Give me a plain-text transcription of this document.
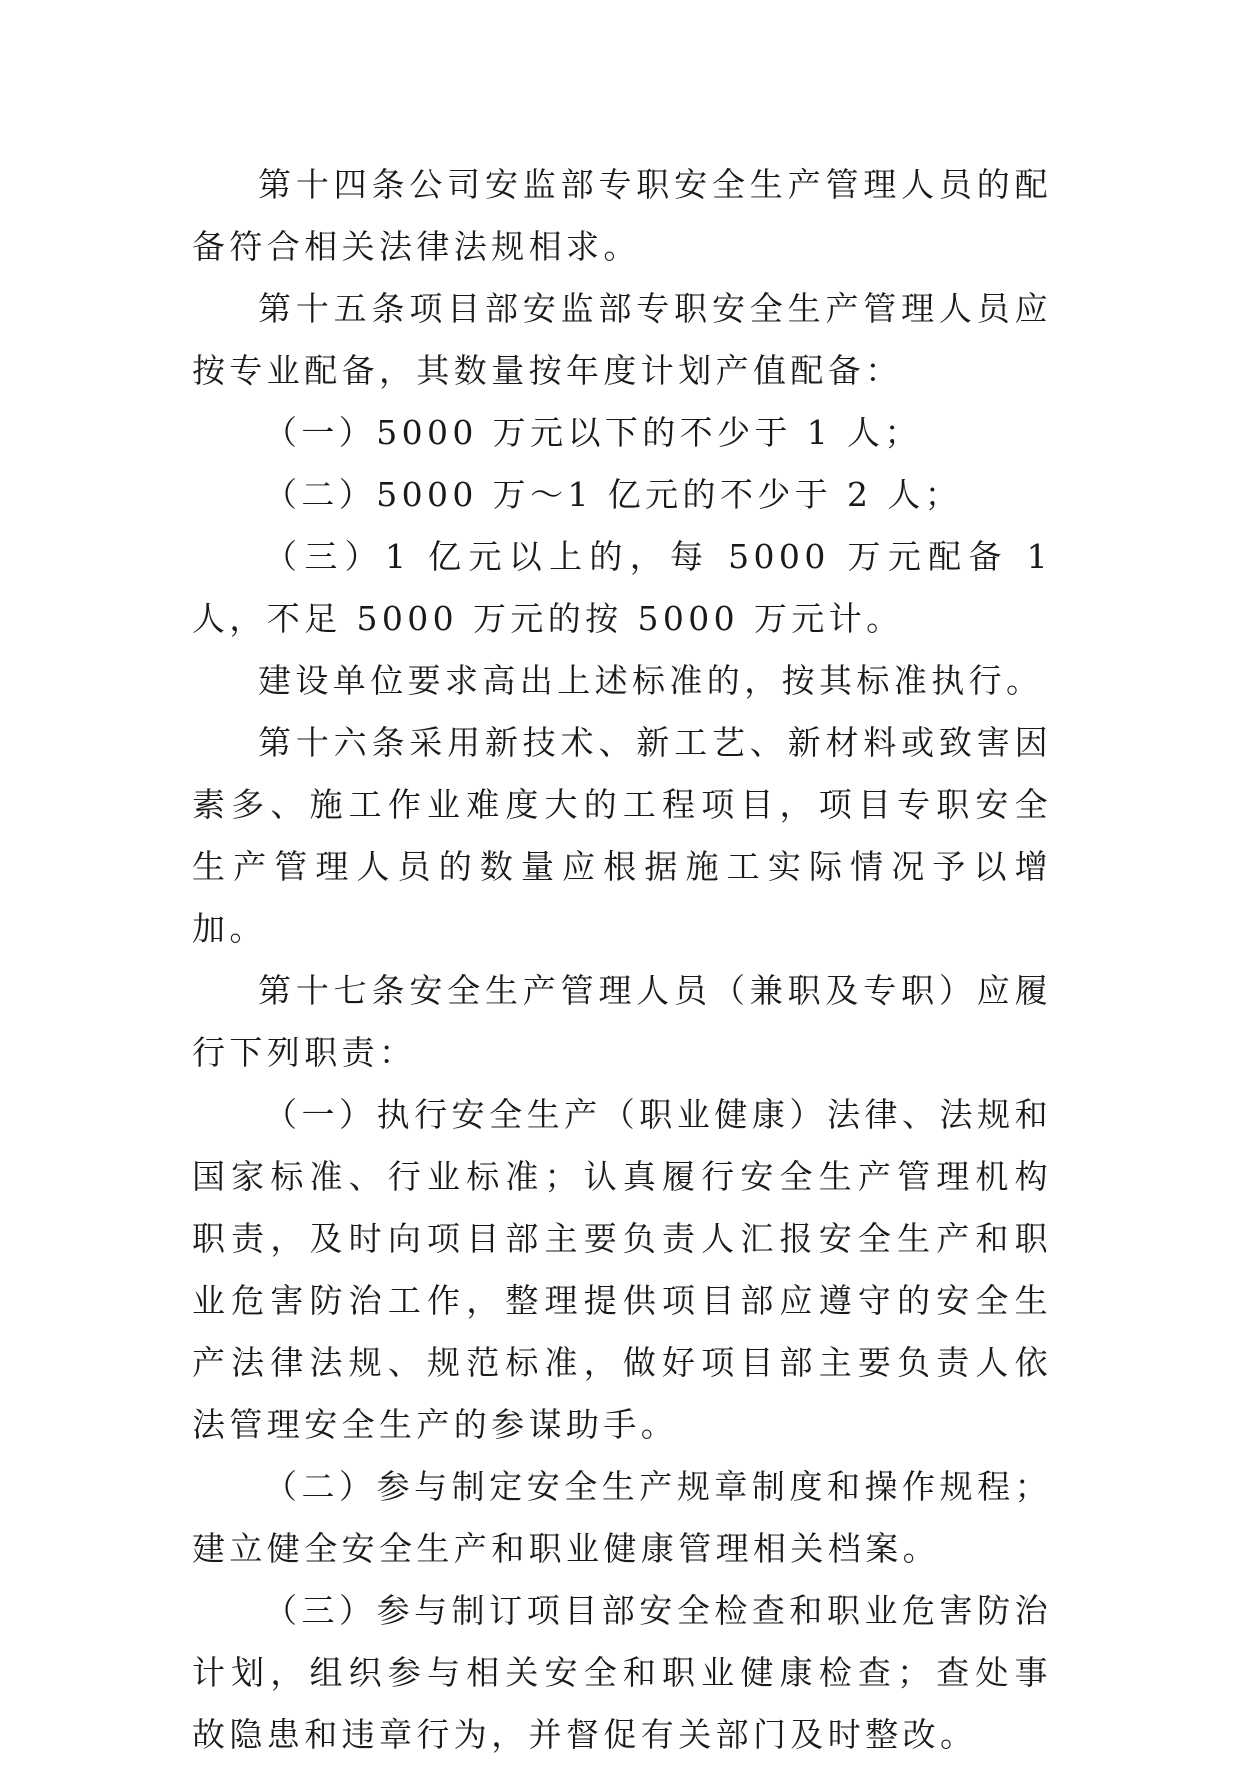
第十四条公司安监部专职安全生产管理人员的配备符合相关法律法规相求。

第十五条项目部安监部专职安全生产管理人员应按专业配备，其数量按年度计划产值配备：

（一）5000 万元以下的不少于 1 人；

（二）5000 万～1 亿元的不少于 2 人；

（三）1 亿元以上的，每 5000 万元配备 1 人，不足 5000 万元的按 5000 万元计。

建设单位要求高出上述标准的，按其标准执行。

第十六条采用新技术、新工艺、新材料或致害因素多、施工作业难度大的工程项目，项目专职安全生产管理人员的数量应根据施工实际情况予以增加。

第十七条安全生产管理人员（兼职及专职）应履行下列职责：

（一）执行安全生产（职业健康）法律、法规和国家标准、行业标准；认真履行安全生产管理机构职责，及时向项目部主要负责人汇报安全生产和职业危害防治工作，整理提供项目部应遵守的安全生产法律法规、规范标准，做好项目部主要负责人依法管理安全生产的参谋助手。

（二）参与制定安全生产规章制度和操作规程；建立健全安全生产和职业健康管理相关档案。

（三）参与制订项目部安全检查和职业危害防治计划，组织参与相关安全和职业健康检查；查处事故隐患和违章行为，并督促有关部门及时整改。
